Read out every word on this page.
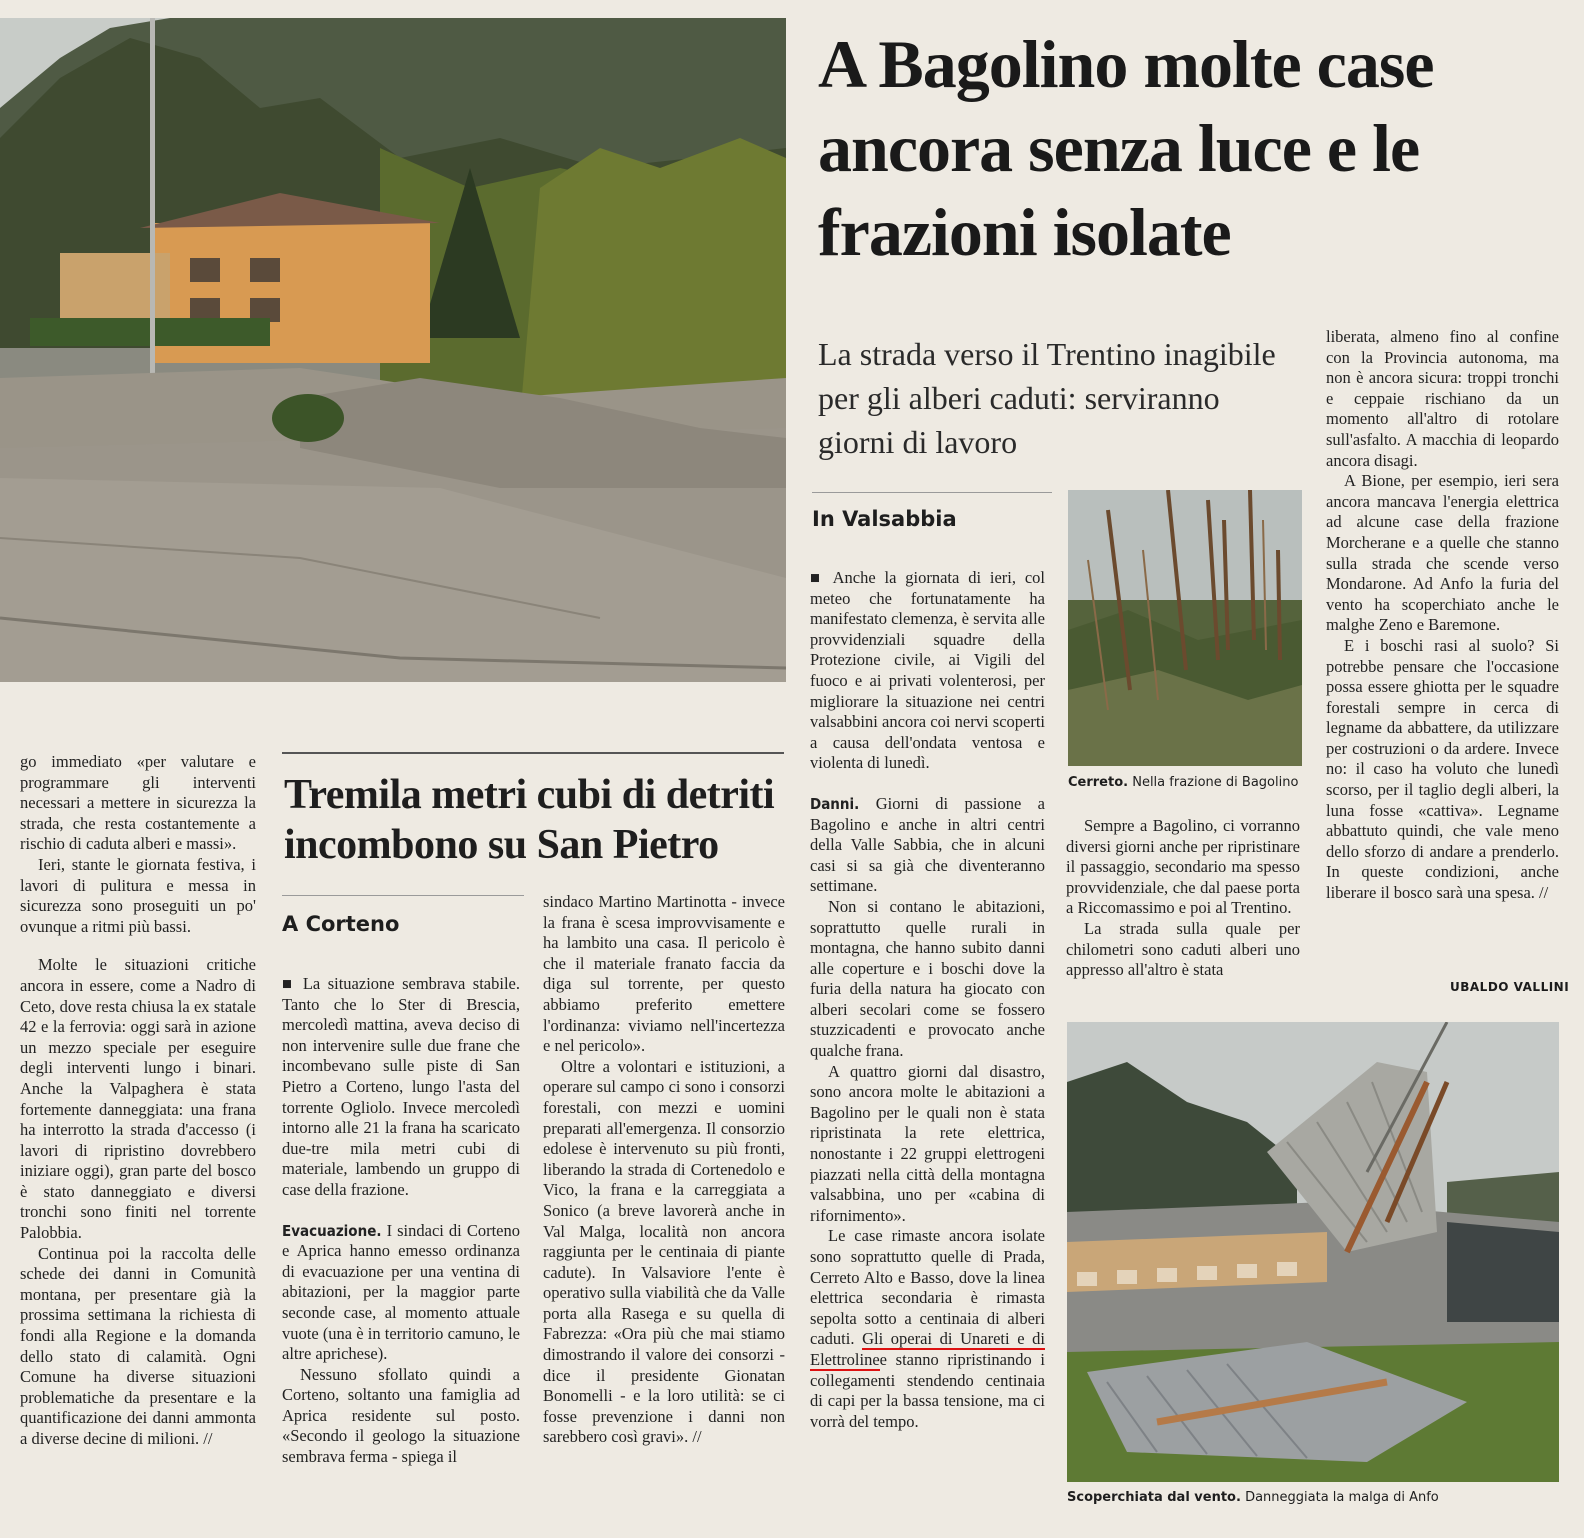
A Bagolino molte case ancora senza luce e le frazioni isolate
La strada verso il Trentino inagibile per gli alberi caduti: serviranno giorni di lavoro
In Valsabbia
Cerreto. Nella frazione di Bagolino
Scoperchiata dal vento. Danneggiata la malga di Anfo

■ Anche la giornata di ieri, col meteo che fortunatamente ha manifestato clemenza, è servita alle provvidenziali squadre della Protezione civile, ai Vigili del fuoco e ai privati volenterosi, per migliorare la situazione nei centri valsabbini ancora coi nervi scoperti a causa dell'ondata ventosa e violenta di lunedì.

Danni. Giorni di passione a Bagolino e anche in altri centri della Valle Sabbia, che in alcuni casi si sa già che diventeranno settimane.

Non si contano le abitazioni, soprattutto quelle rurali in montagna, che hanno subito danni alle coperture e i boschi dove la furia della natura ha giocato con alberi secolari come se fossero stuzzicadenti e provocato anche qualche frana.

A quattro giorni dal disastro, sono ancora molte le abitazioni a Bagolino per le quali non è stata ripristinata la rete elettrica, nonostante i 22 gruppi elettrogeni piazzati nella città della montagna valsabbina, uno per «cabina di rifornimento».

Le case rimaste ancora isolate sono soprattutto quelle di Prada, Cerreto Alto e Basso, dove la linea elettrica secondaria è rimasta sepolta sotto a centinaia di alberi caduti. Gli operai di Unareti e di Elettrolinee stanno ripristinando i collegamenti stendendo centinaia di capi per la bassa tensione, ma ci vorrà del tempo.

Sempre a Bagolino, ci vorranno diversi giorni anche per ripristinare il passaggio, secondario ma spesso provvidenziale, che dal paese porta a Riccomassimo e poi al Trentino.

La strada sulla quale per chilometri sono caduti alberi uno appresso all'altro è stata

liberata, almeno fino al confine con la Provincia autonoma, ma non è ancora sicura: troppi tronchi e ceppaie rischiano da un momento all'altro di rotolare sull'asfalto. A macchia di leopardo ancora disagi.

A Bione, per esempio, ieri sera ancora mancava l'energia elettrica ad alcune case della frazione Morcherane e a quelle che stanno sulla strada che scende verso Mondarone. Ad Anfo la furia del vento ha scoperchiato anche le malghe Zeno e Baremone.

E i boschi rasi al suolo? Si potrebbe pensare che l'occasione possa essere ghiotta per le squadre forestali sempre in cerca di legname da abbattere, da utilizzare per costruzioni o da ardere. Invece no: il caso ha voluto che lunedì scorso, per il taglio degli alberi, la luna fosse «cattiva». Legname abbattuto quindi, che vale meno dello sforzo di andare a prenderlo. In queste condizioni, anche liberare il bosco sarà una spesa. //

UBALDO VALLINI

go immediato «per valutare e programmare gli interventi necessari a mettere in sicurezza la strada, che resta costantemente a rischio di caduta alberi e massi».

Ieri, stante le giornata festiva, i lavori di pulitura e messa in sicurezza sono proseguiti un po' ovunque a ritmi più bassi.

Molte le situazioni critiche ancora in essere, come a Nadro di Ceto, dove resta chiusa la ex statale 42 e la ferrovia: oggi sarà in azione un mezzo speciale per eseguire degli interventi lungo i binari. Anche la Valpaghera è stata fortemente danneggiata: una frana ha interrotto la strada d'accesso (i lavori di ripristino dovrebbero iniziare oggi), gran parte del bosco è stato danneggiato e diversi tronchi sono finiti nel torrente Palobbia.

Continua poi la raccolta delle schede dei danni in Comunità montana, per presentare già la prossima settimana la richiesta di fondi alla Regione e la domanda dello stato di calamità. Ogni Comune ha diverse situazioni problematiche da presentare e la quantificazione dei danni ammonta a diverse decine di milioni. //

Tremila metri cubi di detriti incombono su San Pietro
A Corteno

■ La situazione sembrava stabile. Tanto che lo Ster di Brescia, mercoledì mattina, aveva deciso di non intervenire sulle due frane che incombevano sulle piste di San Pietro a Corteno, lungo l'asta del torrente Ogliolo. Invece mercoledì intorno alle 21 la frana ha scaricato due-tre mila metri cubi di materiale, lambendo un gruppo di case della frazione.

Evacuazione. I sindaci di Corteno e Aprica hanno emesso ordinanza di evacuazione per una ventina di abitazioni, per la maggior parte seconde case, al momento attuale vuote (una è in territorio camuno, le altre aprichese).

Nessuno sfollato quindi a Corteno, soltanto una famiglia ad Aprica residente sul posto. «Secondo il geologo la situazione sembrava ferma - spiega il

sindaco Martino Martinotta - invece la frana è scesa improvvisamente e ha lambito una casa. Il pericolo è che il materiale franato faccia da diga sul torrente, per questo abbiamo preferito emettere l'ordinanza: viviamo nell'incertezza e nel pericolo».

Oltre a volontari e istituzioni, a operare sul campo ci sono i consorzi forestali, con mezzi e uomini preparati all'emergenza. Il consorzio edolese è intervenuto su più fronti, liberando la strada di Cortenedolo e Vico, la frana e la carreggiata a Sonico (a breve lavorerà anche in Val Malga, località non ancora raggiunta per le centinaia di piante cadute). In Valsaviore l'ente è operativo sulla viabilità che da Valle porta alla Rasega e su quella di Fabrezza: «Ora più che mai stiamo dimostrando il valore dei consorzi - dice il presidente Gionatan Bonomelli - e la loro utilità: se ci fosse prevenzione i danni non sarebbero così gravi». //
